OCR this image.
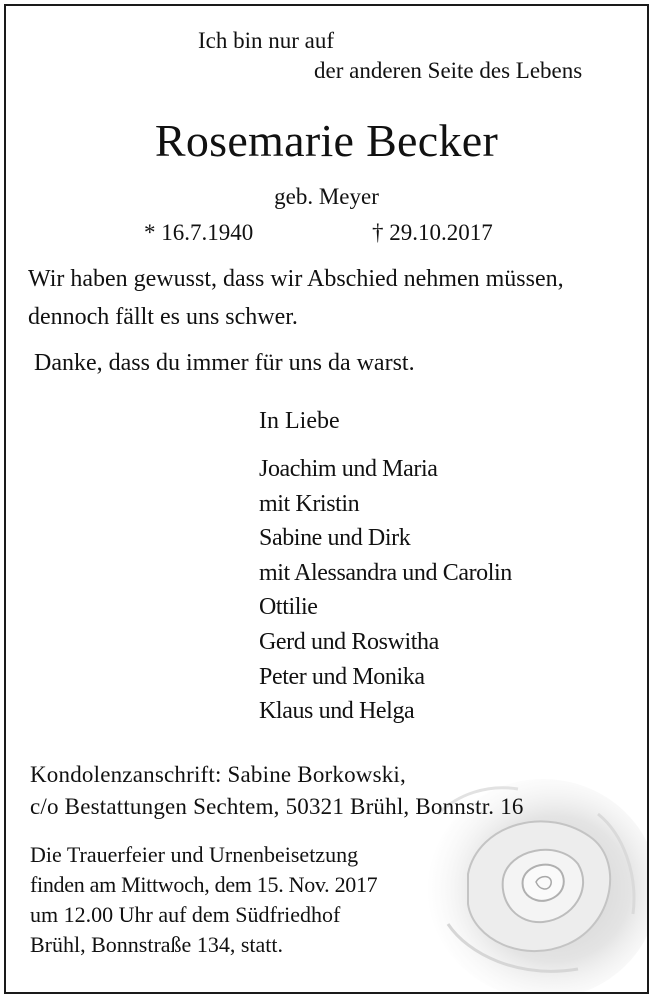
Ich bin nur auf
der anderen Seite des Lebens
Rosemarie Becker
geb. Meyer
* 16.7.1940	† 29.10.2017
Wir haben gewusst, dass wir Abschied nehmen müssen,
dennoch fällt es uns schwer.
Danke, dass du immer für uns da warst.
In Liebe
Joachim und Maria
mit Kristin
Sabine und Dirk
mit Alessandra und Carolin
Ottilie
Gerd und Roswitha
Peter und Monika
Klaus und Helga
Kondolenzanschrift: Sabine Borkowski,
c/o Bestattungen Sechtem, 50321 Brühl, Bonnstr. 16
Die Trauerfeier und Urnenbeisetzung
finden am Mittwoch, dem 15. Nov. 2017
um 12.00 Uhr auf dem Südfriedhof
Brühl, Bonnstraße 134, statt.
